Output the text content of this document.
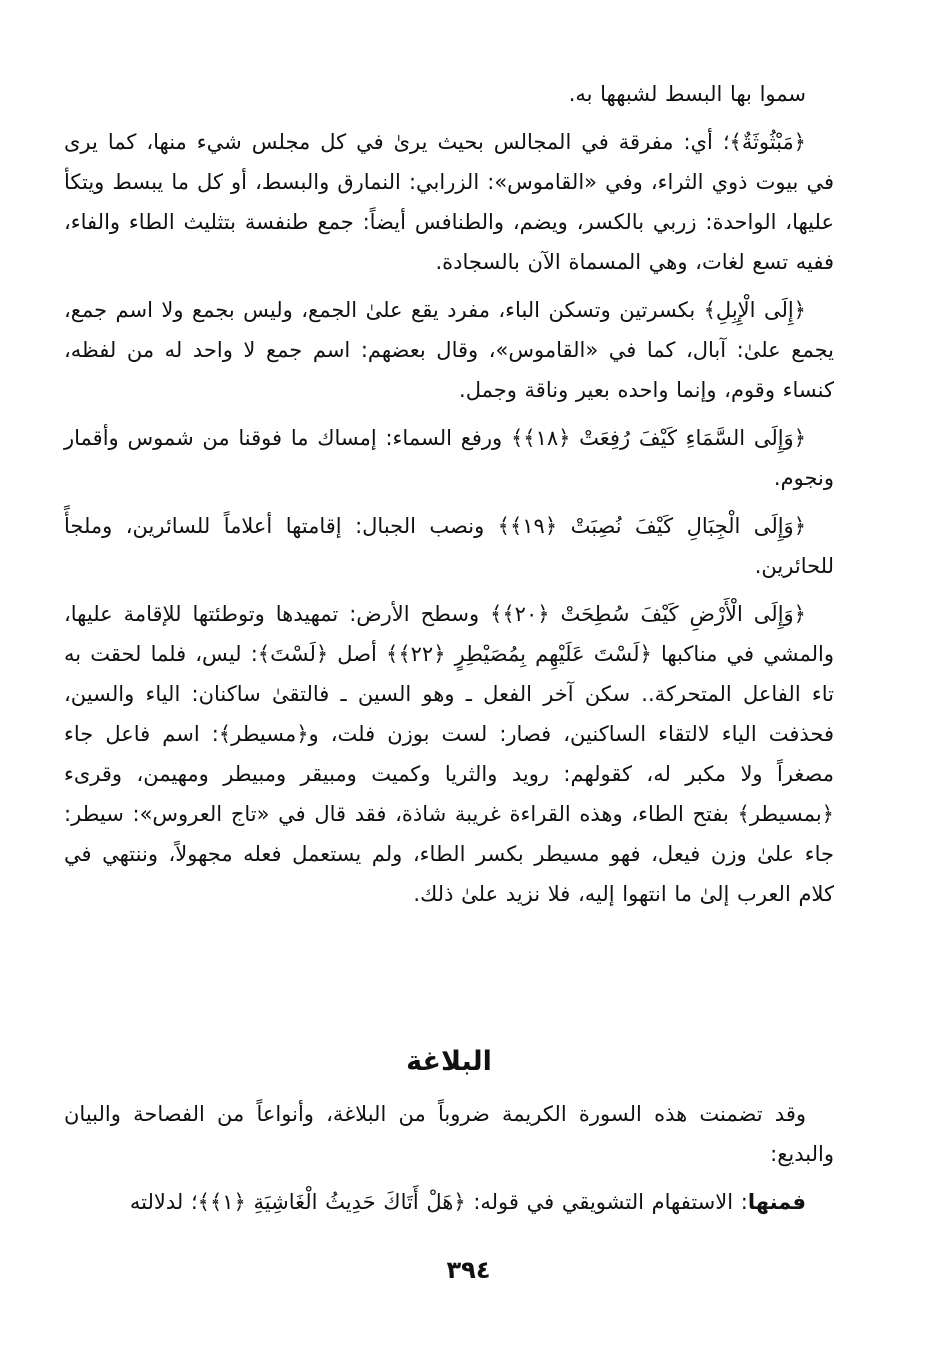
سموا بها البسط لشبهها به.

﴿مَبْثُوثَةٌ﴾؛ أي: مفرقة في المجالس بحيث يرىٰ في كل مجلس شيء منها، كما يرى في بيوت ذوي الثراء، وفي «القاموس»: الزرابي: النمارق والبسط، أو كل ما يبسط ويتكأ عليها، الواحدة: زربي بالكسر، ويضم، والطنافس أيضاً: جمع طنفسة بتثليث الطاء والفاء، ففيه تسع لغات، وهي المسماة الآن بالسجادة.

﴿إِلَى الْإِبِلِ﴾ بكسرتين وتسكن الباء، مفرد يقع علىٰ الجمع، وليس بجمع ولا اسم جمع، يجمع علىٰ: آبال، كما في «القاموس»، وقال بعضهم: اسم جمع لا واحد له من لفظه، كنساء وقوم، وإنما واحده بعير وناقة وجمل.

﴿وَإِلَى السَّمَاءِ كَيْفَ رُفِعَتْ ﴿١٨﴾﴾ ورفع السماء: إمساك ما فوقنا من شموس وأقمار ونجوم.

﴿وَإِلَى الْجِبَالِ كَيْفَ نُصِبَتْ ﴿١٩﴾﴾ ونصب الجبال: إقامتها أعلاماً للسائرين، وملجأً للحائرين.

﴿وَإِلَى الْأَرْضِ كَيْفَ سُطِحَتْ ﴿٢٠﴾﴾ وسطح الأرض: تمهيدها وتوطئتها للإقامة عليها، والمشي في مناكبها ﴿لَسْتَ عَلَيْهِم بِمُصَيْطِرٍ ﴿٢٢﴾﴾ أصل ﴿لَسْتَ﴾: ليس، فلما لحقت به تاء الفاعل المتحركة.. سكن آخر الفعل ـ وهو السين ـ فالتقىٰ ساكنان: الياء والسين، فحذفت الياء لالتقاء الساكنين، فصار: لست بوزن فلت، و﴿مسيطر﴾: اسم فاعل جاء مصغراً ولا مكبر له، كقولهم: رويد والثريا وكميت ومبيقر ومبيطر ومهيمن، وقرىء ﴿بمسيطر﴾ بفتح الطاء، وهذه القراءة غريبة شاذة، فقد قال في «تاج العروس»: سيطر: جاء علىٰ وزن فيعل، فهو مسيطر بكسر الطاء، ولم يستعمل فعله مجهولاً، وننتهي في كلام العرب إلىٰ ما انتهوا إليه، فلا نزيد علىٰ ذلك.

البلاغة

وقد تضمنت هذه السورة الكريمة ضروباً من البلاغة، وأنواعاً من الفصاحة والبيان والبديع:

فمنها: الاستفهام التشويقي في قوله: ﴿هَلْ أَتَاكَ حَدِيثُ الْغَاشِيَةِ ﴿١﴾﴾؛ لدلالته

٣٩٤
